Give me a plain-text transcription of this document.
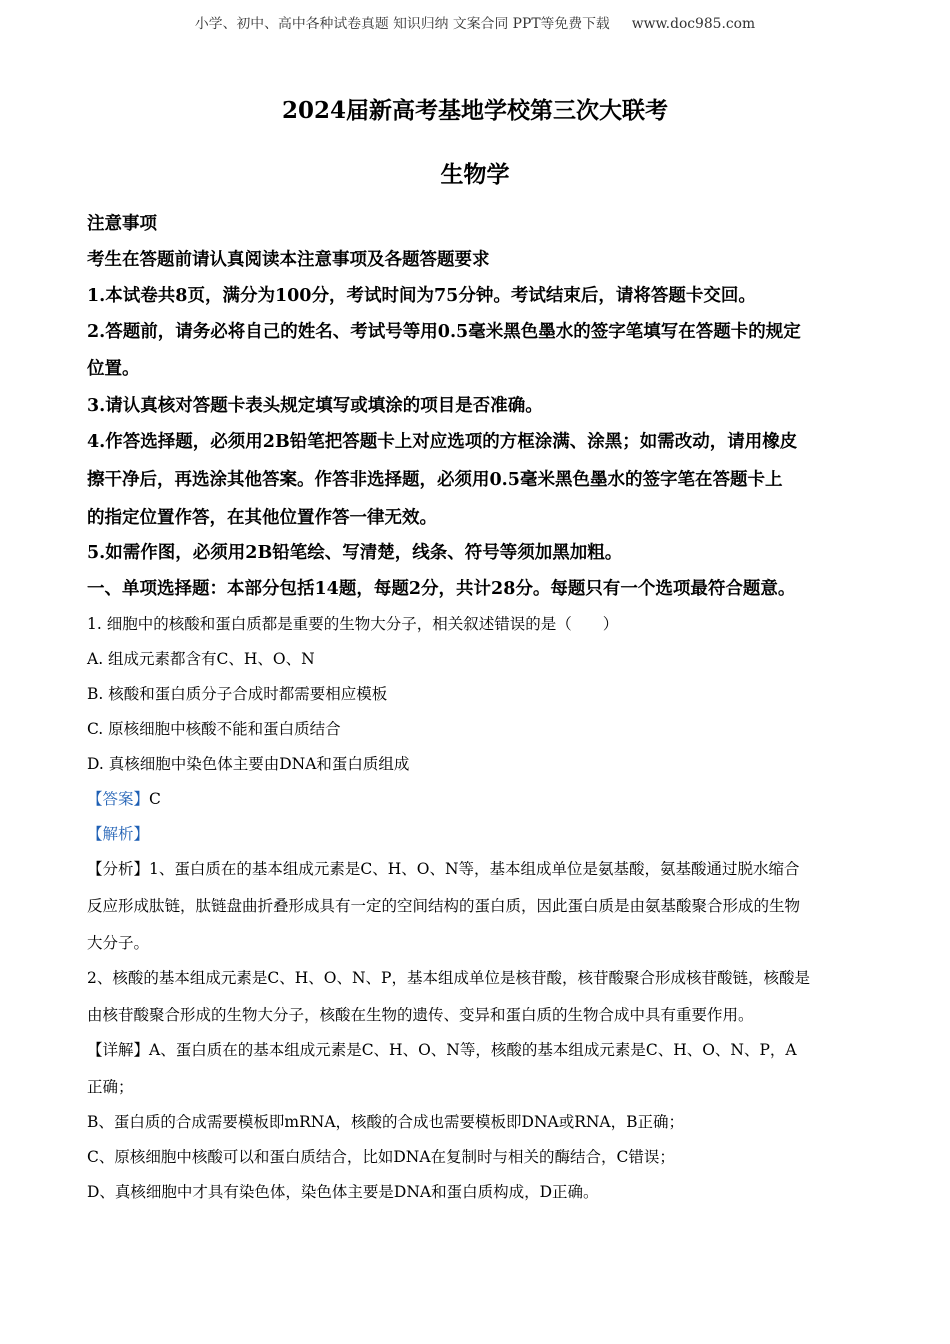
小学、初中、高中各种试卷真题 知识归纳 文案合同 PPT等免费下载 www.doc985.com
2024届新高考基地学校第三次大联考
生物学
注意事项
考生在答题前请认真阅读本注意事项及各题答题要求
1.本试卷共8页，满分为100分，考试时间为75分钟。考试结束后，请将答题卡交回。
2.答题前，请务必将自己的姓名、考试号等用0.5毫米黑色墨水的签字笔填写在答题卡的规定
位置。
3.请认真核对答题卡表头规定填写或填涂的项目是否准确。
4.作答选择题，必须用2B铅笔把答题卡上对应选项的方框涂满、涂黑；如需改动，请用橡皮
擦干净后，再选涂其他答案。作答非选择题，必须用0.5毫米黑色墨水的签字笔在答题卡上
的指定位置作答，在其他位置作答一律无效。
5.如需作图，必须用2B铅笔绘、写清楚，线条、符号等须加黑加粗。
一、单项选择题：本部分包括14题，每题2分，共计28分。每题只有一个选项最符合题意。
1. 细胞中的核酸和蛋白质都是重要的生物大分子，相关叙述错误的是（　　）
A. 组成元素都含有C、H、O、N
B. 核酸和蛋白质分子合成时都需要相应模板
C. 原核细胞中核酸不能和蛋白质结合
D. 真核细胞中染色体主要由DNA和蛋白质组成
【答案】C
【解析】
【分析】1、蛋白质在的基本组成元素是C、H、O、N等，基本组成单位是氨基酸，氨基酸通过脱水缩合
反应形成肽链，肽链盘曲折叠形成具有一定的空间结构的蛋白质，因此蛋白质是由氨基酸聚合形成的生物
大分子。
2、核酸的基本组成元素是C、H、O、N、P，基本组成单位是核苷酸，核苷酸聚合形成核苷酸链，核酸是
由核苷酸聚合形成的生物大分子，核酸在生物的遗传、变异和蛋白质的生物合成中具有重要作用。
【详解】A、蛋白质在的基本组成元素是C、H、O、N等，核酸的基本组成元素是C、H、O、N、P，A
正确；
B、蛋白质的合成需要模板即mRNA，核酸的合成也需要模板即DNA或RNA，B正确；
C、原核细胞中核酸可以和蛋白质结合，比如DNA在复制时与相关的酶结合，C错误；
D、真核细胞中才具有染色体，染色体主要是DNA和蛋白质构成，D正确。
